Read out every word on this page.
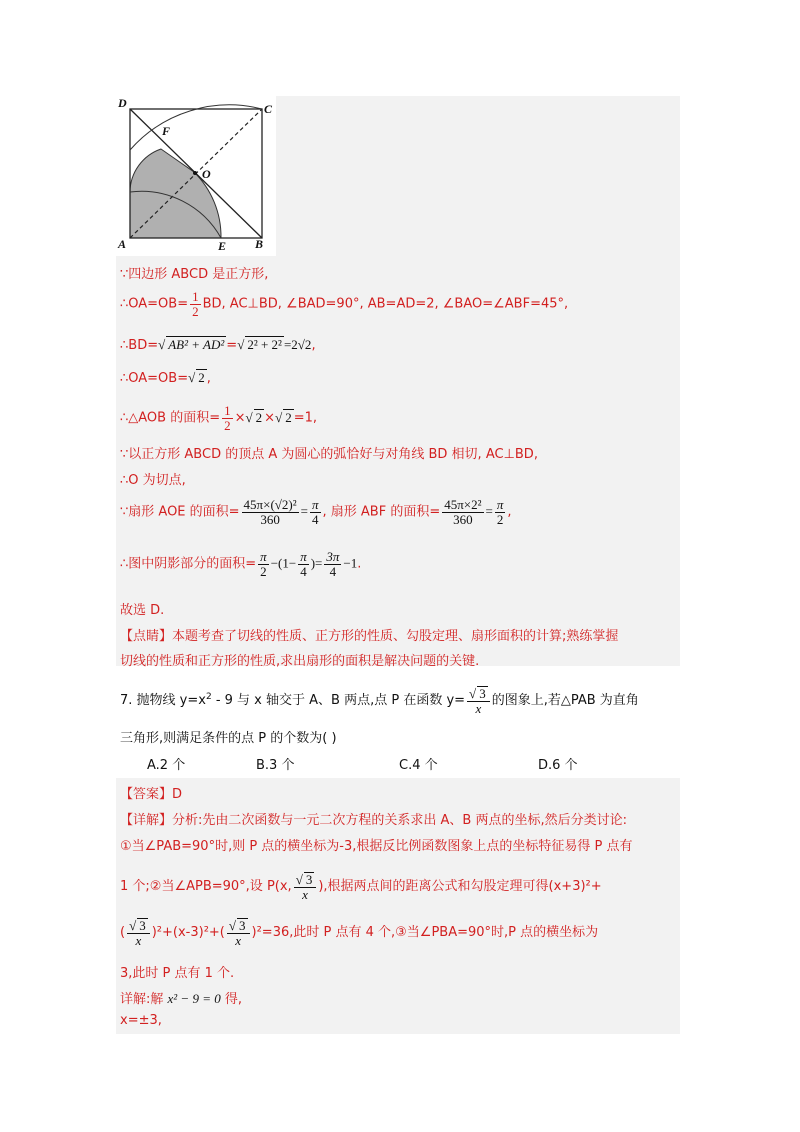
D	C
F
O
A	E B
∵四边形 ABCD 是正方形,
∴OA=OB= $\frac{1}{2}$ BD, AC⊥BD, ∠BAD=90°, AB=AD=2, ∠BAO=∠ABF=45°,
∴BD=√ AB² + AD² =√ 2² + 2² =2√2,
∴OA=OB=√ 2 ,
∴△AOB 的面积= $\frac{1}{2}$ ×√ 2 ×√ 2 =1,
∵以正方形 ABCD 的顶点 A 为圆心的弧恰好与对角线 BD 相切, AC⊥BD,
∴O 为切点,
∵扇形 AOE 的面积= $\frac{\text{45π×(√2)²}}{360} = \frac{\pi}{4}$ , 扇形 ABF 的面积= $\frac{\text{45π×2²}}{360} = \frac{\pi}{2}$ ,
∴图中阴影部分的面积= $\frac{\pi}{2} -(1- \frac{\pi}{4}$ )= $\frac{3\pi}{4} -1$.
故选 D.
【点睛】本题考查了切线的性质、正方形的性质、勾股定理、扇形面积的计算;熟练掌握
切线的性质和正方形的性质,求出扇形的面积是解决问题的关键.
7. 抛物线 $y=x^2 - 9$ 与 x 轴交于 A、B 两点,点 P 在函数 $y= \frac{√ 3}{x}$ 的图象上,若△PAB 为直角
三角形,则满足条件的点 P 的个数为( )
A.2 个	B.3 个	C.4 个	D.6 个
【答案】D
【详解】分析:先由二次函数与一元二次方程的关系求出 A、B 两点的坐标,然后分类讨论:
①当∠PAB=90°时,则 P 点的横坐标为-3,根据反比例函数图象上点的坐标特征易得 P 点有
1 个;②当∠APB=90°,设 P(x, $\frac{√ 3}{x}$ ),根据两点间的距离公式和勾股定理可得(x+3)²+
( $\frac{√ 3}{x} )^2+(x-3)^2+( \frac{√ 3}{x} )^2=36$,此时 P 点有 4 个,③当∠PBA=90°时,P 点的横坐标为
3,此时 P 点有 1 个.
详解:解 x² − 9 = 0 得,
x=±3,
